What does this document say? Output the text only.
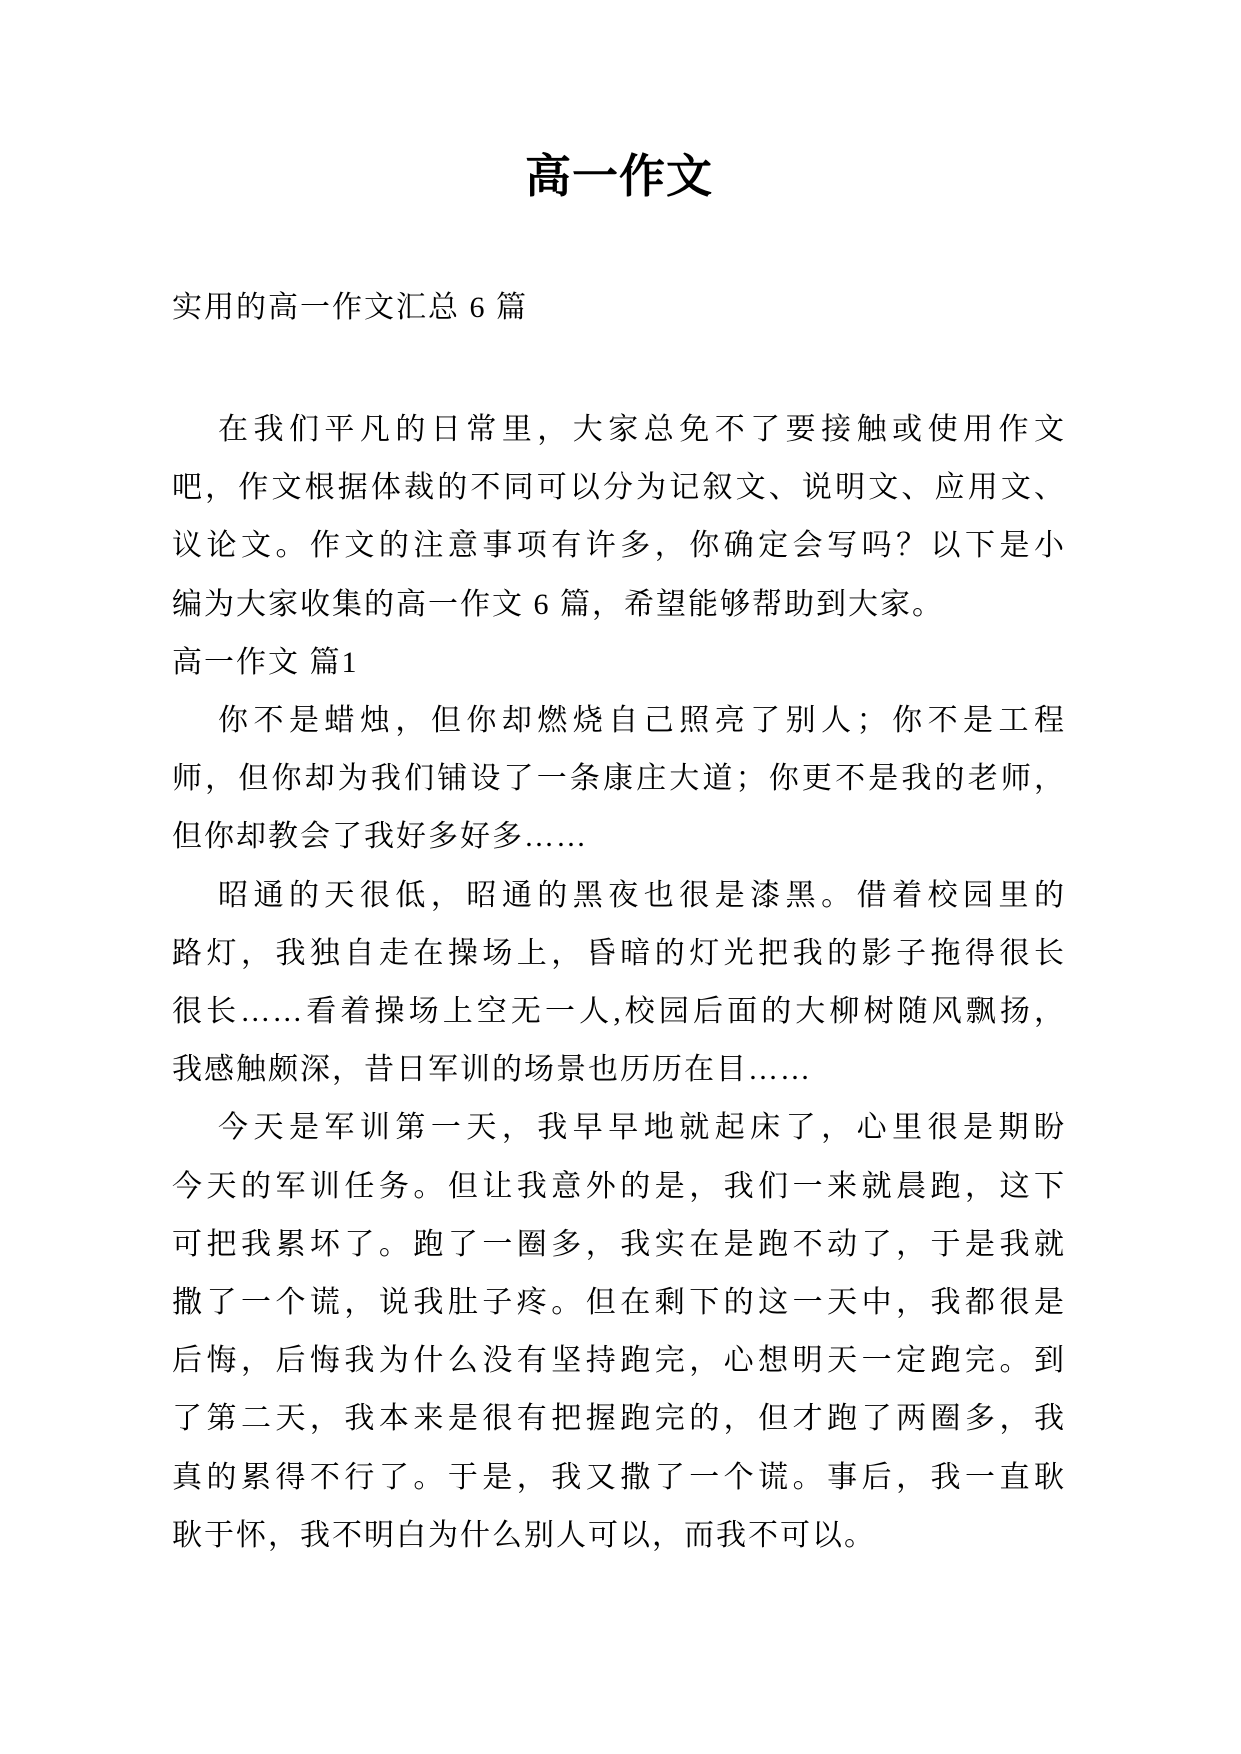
高一作文

实用的高一作文汇总 6 篇

在我们平凡的日常里，大家总免不了要接触或使用作文
吧，作文根据体裁的不同可以分为记叙文、说明文、应用文、
议论文。作文的注意事项有许多，你确定会写吗？以下是小
编为大家收集的高一作文 6 篇，希望能够帮助到大家。
高一作文 篇1
你不是蜡烛，但你却燃烧自己照亮了别人；你不是工程
师，但你却为我们铺设了一条康庄大道；你更不是我的老师，
但你却教会了我好多好多……
昭通的天很低，昭通的黑夜也很是漆黑。借着校园里的
路灯，我独自走在操场上，昏暗的灯光把我的影子拖得很长
很长……看着操场上空无一人,校园后面的大柳树随风飘扬，
我感触颇深，昔日军训的场景也历历在目……
今天是军训第一天，我早早地就起床了，心里很是期盼
今天的军训任务。但让我意外的是，我们一来就晨跑，这下
可把我累坏了。跑了一圈多，我实在是跑不动了，于是我就
撒了一个谎，说我肚子疼。但在剩下的这一天中，我都很是
后悔，后悔我为什么没有坚持跑完，心想明天一定跑完。到
了第二天，我本来是很有把握跑完的，但才跑了两圈多，我
真的累得不行了。于是，我又撒了一个谎。事后，我一直耿
耿于怀，我不明白为什么别人可以，而我不可以。
